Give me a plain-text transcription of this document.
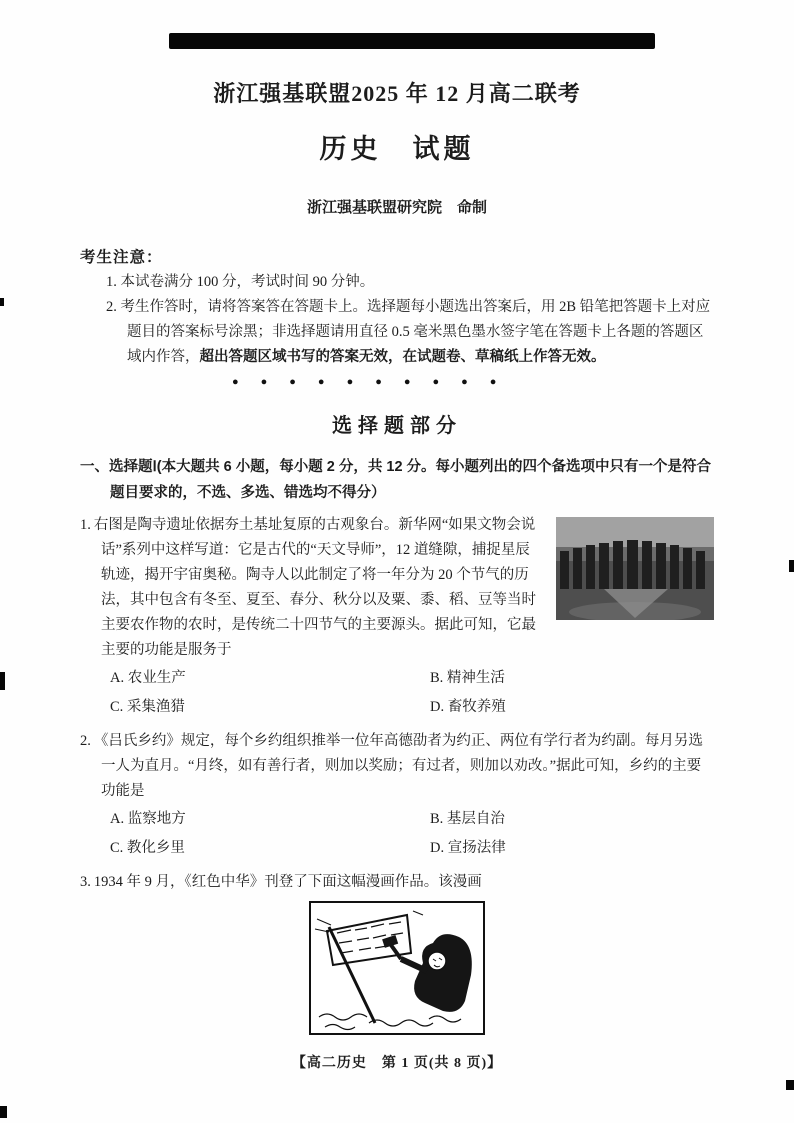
浙江强基联盟2025 年 12 月高二联考
历史　试题
浙江强基联盟研究院　命制
考生注意：
1. 本试卷满分 100 分，考试时间 90 分钟。
2. 考生作答时，请将答案答在答题卡上。选择题每小题选出答案后，用 2B 铅笔把答题卡上对应题目的答案标号涂黑；非选择题请用直径 0.5 毫米黑色墨水签字笔在答题卡上各题的答题区域内作答，超出答题区域书写的答案无效，在试题卷、草稿纸上作答无效。
●　　●　　●　　●　　●　　●　　●　　●　　●　　●
选择题部分
一、选择题Ⅰ(本大题共 6 小题，每小题 2 分，共 12 分。每小题列出的四个备选项中只有一个是符合题目要求的，不选、多选、错选均不得分）
1. 右图是陶寺遗址依据夯土基址复原的古观象台。新华网“如果文物会说话”系列中这样写道：它是古代的“天文导师”，12 道缝隙，捕捉星辰轨迹，揭开宇宙奥秘。陶寺人以此制定了将一年分为 20 个节气的历法，其中包含有冬至、夏至、春分、秋分以及粟、黍、稻、豆等当时主要农作物的农时，是传统二十四节气的主要源头。据此可知，它最主要的功能是服务于
A. 农业生产	B. 精神生活
C. 采集渔猎	D. 畜牧养殖
2. 《吕氏乡约》规定，每个乡约组织推举一位年高德劭者为约正、两位有学行者为约副。每月另选一人为直月。“月终，如有善行者，则加以奖励；有过者，则加以劝改。”据此可知，乡约的主要功能是
A. 监察地方	B. 基层自治
C. 教化乡里	D. 宣扬法律
3. 1934 年 9 月，《红色中华》刊登了下面这幅漫画作品。该漫画
【高二历史　第 1 页(共 8 页)】
